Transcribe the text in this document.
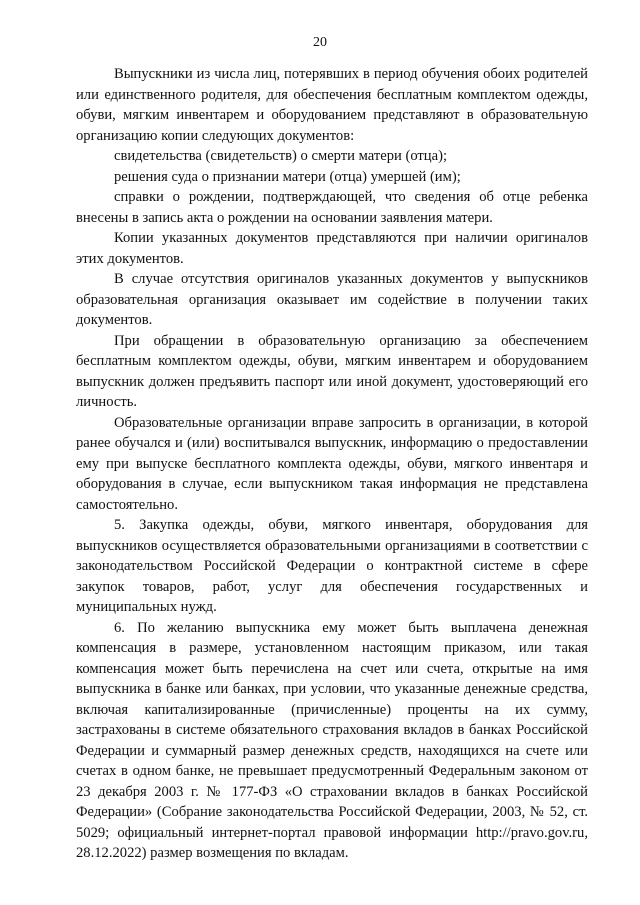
20

Выпускники из числа лиц, потерявших в период обучения обоих родителей или единственного родителя, для обеспечения бесплатным комплектом одежды, обуви, мягким инвентарем и оборудованием представляют в образовательную организацию копии следующих документов:

свидетельства (свидетельств) о смерти матери (отца);

решения суда о признании матери (отца) умершей (им);

справки о рождении, подтверждающей, что сведения об отце ребенка внесены в запись акта о рождении на основании заявления матери.

Копии указанных документов представляются при наличии оригиналов этих документов.

В случае отсутствия оригиналов указанных документов у выпускников образовательная организация оказывает им содействие в получении таких документов.

При обращении в образовательную организацию за обеспечением бесплатным комплектом одежды, обуви, мягким инвентарем и оборудованием выпускник должен предъявить паспорт или иной документ, удостоверяющий его личность.

Образовательные организации вправе запросить в организации, в которой ранее обучался и (или) воспитывался выпускник, информацию о предоставлении ему при выпуске бесплатного комплекта одежды, обуви, мягкого инвентаря и оборудования в случае, если выпускником такая информация не представлена самостоятельно.

5. Закупка одежды, обуви, мягкого инвентаря, оборудования для выпускников осуществляется образовательными организациями в соответствии с законодательством Российской Федерации о контрактной системе в сфере закупок товаров, работ, услуг для обеспечения государственных и муниципальных нужд.

6. По желанию выпускника ему может быть выплачена денежная компенсация в размере, установленном настоящим приказом, или такая компенсация может быть перечислена на счет или счета, открытые на имя выпускника в банке или банках, при условии, что указанные денежные средства, включая капитализированные (причисленные) проценты на их сумму, застрахованы в системе обязательного страхования вкладов в банках Российской Федерации и суммарный размер денежных средств, находящихся на счете или счетах в одном банке, не превышает предусмотренный Федеральным законом от 23 декабря 2003 г. № 177-ФЗ «О страховании вкладов в банках Российской Федерации» (Собрание законодательства Российской Федерации, 2003, № 52, ст. 5029; официальный интернет-портал правовой информации http://pravo.gov.ru, 28.12.2022) размер возмещения по вкладам.
